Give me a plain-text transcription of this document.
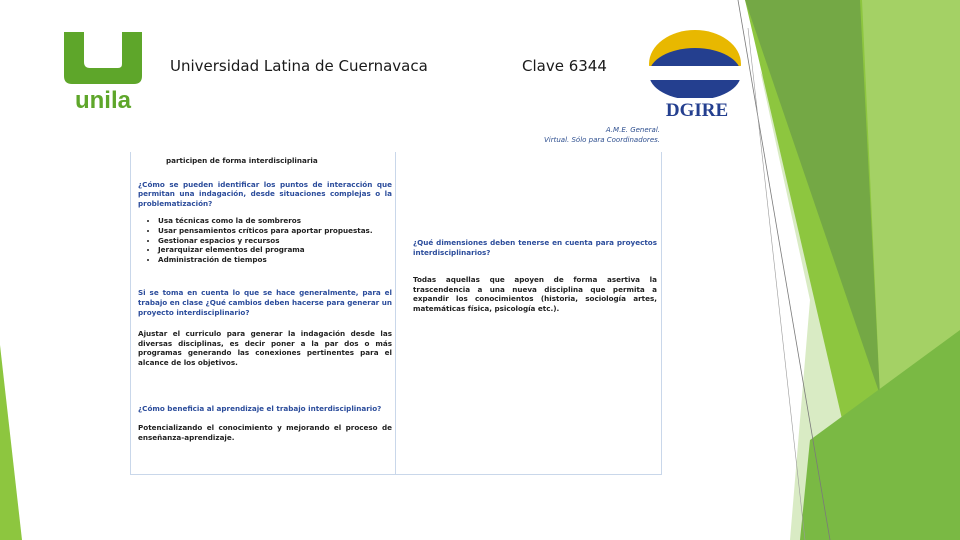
unila
Universidad Latina de Cuernavaca	Clave 6344
DGIRE
A.M.E. General.
Virtual. Sólo para Coordinadores.

participen de forma interdisciplinaria

¿Cómo se pueden identificar los puntos de interacción que permitan una indagación, desde situaciones complejas o la problematización?

• Usa técnicas como la de sombreros
• Usar pensamientos críticos para aportar propuestas.
• Gestionar espacios y recursos
• Jerarquizar elementos del programa
• Administración de tiempos

Si se toma en cuenta lo que se hace generalmente, para el trabajo en clase ¿Qué cambios deben hacerse para generar un proyecto interdisciplinario?

Ajustar el curriculo para generar la indagación desde las diversas disciplinas, es decir poner a la par dos o más programas generando las conexiones pertinentes para el alcance de los objetivos.

¿Cómo beneficia al aprendizaje el trabajo interdisciplinario?

Potencializando el conocimiento y mejorando el proceso de enseñanza-aprendizaje.

¿Qué dimensiones deben tenerse en cuenta para proyectos interdisciplinarios?

Todas aquellas que apoyen de forma asertiva la trascendencia a una nueva disciplina que permita a expandir los conocimientos (historia, sociología artes, matemáticas física, psicología etc.).
